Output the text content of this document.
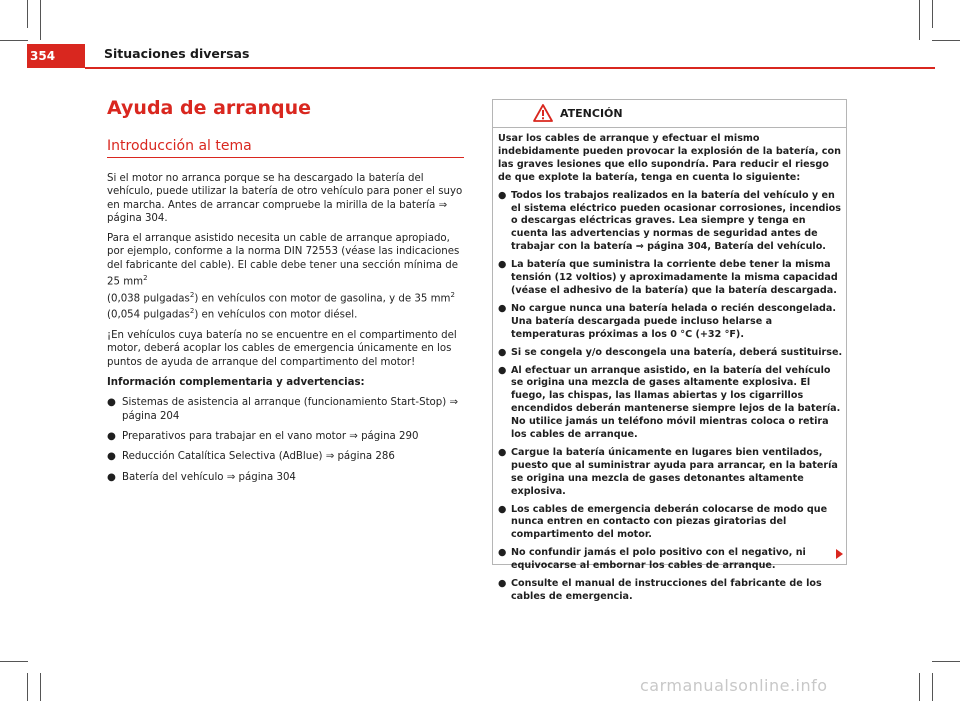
354	Situaciones diversas
Ayuda de arranque
Introducción al tema

Si el motor no arranca porque se ha descargado la batería del vehículo, puede utilizar la batería de otro vehículo para poner el suyo en marcha. Antes de arrancar compruebe la mirilla de la batería ⇒ página 304.

Para el arranque asistido necesita un cable de arranque apropiado, por ejemplo, conforme a la norma DIN 72553 (véase las indicaciones del fabricante del cable). El cable debe tener una sección mínima de 25 $mm^2$
(0,038 pulgadas$^2$) en vehículos con motor de gasolina, y de 35 $mm^2$
(0,054 pulgadas$^2$) en vehículos con motor diésel.

¡En vehículos cuya batería no se encuentre en el compartimento del motor, deberá acoplar los cables de emergencia únicamente en los puntos de ayuda de arranque del compartimento del motor!

Información complementaria y advertencias:

● Sistemas de asistencia al arranque (funcionamiento Start-Stop) ⇒ página 204
● Preparativos para trabajar en el vano motor ⇒ página 290
● Reducción Catalítica Selectiva (AdBlue) ⇒ página 286
● Batería del vehículo ⇒ página 304
ATENCIÓN

Usar los cables de arranque y efectuar el mismo indebidamente pueden provocar la explosión de la batería, con las graves lesiones que ello supondría. Para reducir el riesgo de que explote la batería, tenga en cuenta lo siguiente:

● Todos los trabajos realizados en la batería del vehículo y en el sistema eléctrico pueden ocasionar corrosiones, incendios o descargas eléctricas graves. Lea siempre y tenga en cuenta las advertencias y normas de seguridad antes de trabajar con la batería ⇒ página 304, Batería del vehículo.
● La batería que suministra la corriente debe tener la misma tensión (12 voltios) y aproximadamente la misma capacidad (véase el adhesivo de la batería) que la batería descargada.
● No cargue nunca una batería helada o recién descongelada. Una batería descargada puede incluso helarse a temperaturas próximas a los 0 °C (+32 °F).
● Si se congela y/o descongela una batería, deberá sustituirse.
● Al efectuar un arranque asistido, en la batería del vehículo se origina una mezcla de gases altamente explosiva. El fuego, las chispas, las llamas abiertas y los cigarrillos encendidos deberán mantenerse siempre lejos de la batería. No utilice jamás un teléfono móvil mientras coloca o retira los cables de arranque.
● Cargue la batería únicamente en lugares bien ventilados, puesto que al suministrar ayuda para arrancar, en la batería se origina una mezcla de gases detonantes altamente explosiva.
● Los cables de emergencia deberán colocarse de modo que nunca entren en contacto con piezas giratorias del compartimento del motor.
● No confundir jamás el polo positivo con el negativo, ni equivocarse al embornar los cables de arranque.
● Consulte el manual de instrucciones del fabricante de los cables de emergencia.
carmanualsonline.info
